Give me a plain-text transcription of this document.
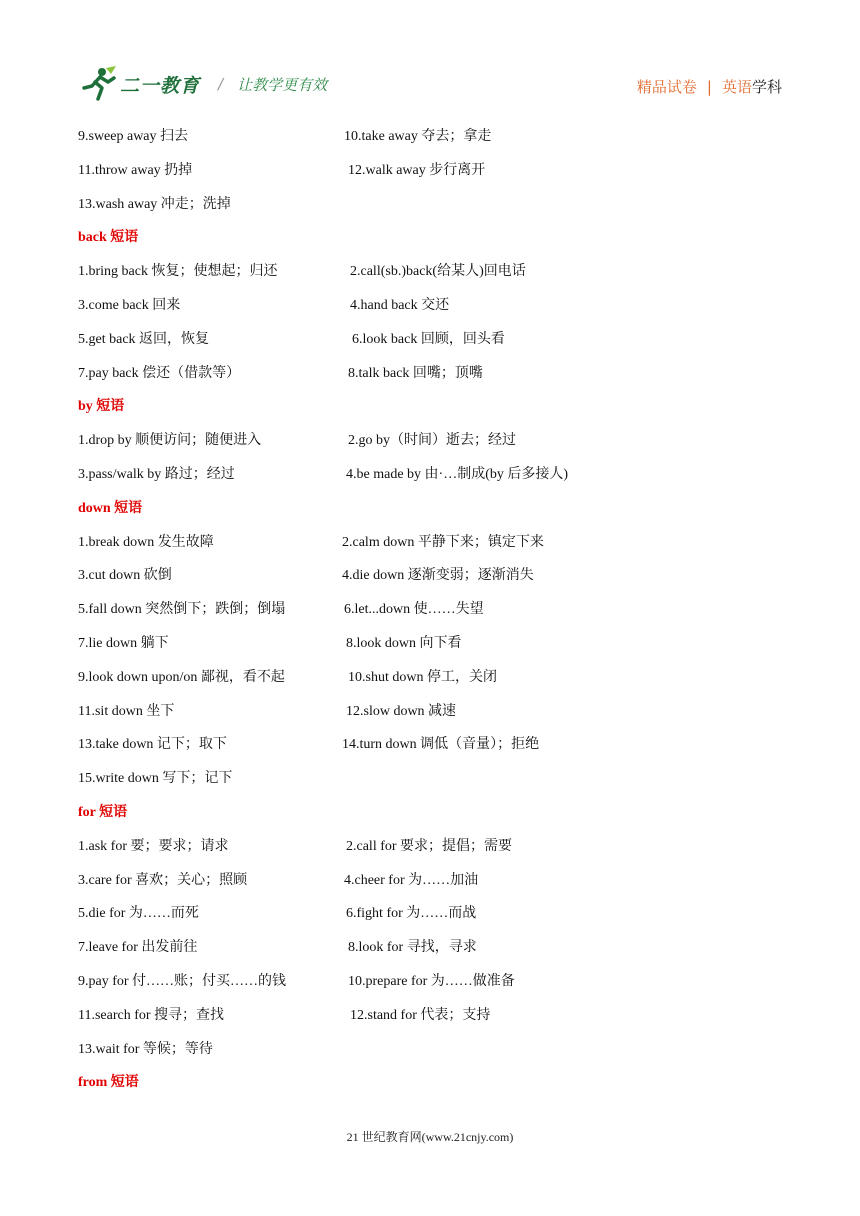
二一教育 / 让教学更有效	精品试卷 | 英语 学科
9.sweep away 扫去	10.take away 夺去；拿走
11.throw away 扔掉	12.walk away 步行离开
13.wash away 冲走；洗掉
back 短语
1.bring back 恢复；使想起；归还	2.call(sb.)back(给某人)回电话
3.come back 回来	4.hand back 交还
5.get back 返回，恢复	6.look back 回顾，回头看
7.pay back 偿还（借款等）	8.talk back 回嘴；顶嘴
by 短语
1.drop by 顺便访问；随便进入	2.go by（时间）逝去；经过
3.pass/walk by 路过；经过	4.be made by 由·…制成(by 后多接人)
down 短语
1.break down 发生故障	2.calm down 平静下来；镇定下来
3.cut down 砍倒	4.die down 逐渐变弱；逐渐消失
5.fall down 突然倒下；跌倒；倒塌	6.let...down 使……失望
7.lie down 躺下	8.look down 向下看
9.look down upon/on 鄙视，看不起	10.shut down 停工，关闭
11.sit down 坐下	12.slow down 减速
13.take down 记下；取下	14.turn down 调低（音量）；拒绝
15.write down 写下；记下
for 短语
1.ask for 要；要求；请求	2.call for 要求；提倡；需要
3.care for 喜欢；关心；照顾	4.cheer for 为……加油
5.die for 为……而死	6.fight for 为……而战
7.leave for 出发前往	8.look for 寻找，寻求
9.pay for 付……账；付买……的钱	10.prepare for 为……做准备
11.search for 搜寻；查找	12.stand for 代表；支持
13.wait for 等候；等待
from 短语
21 世纪教育网(www.21cnjy.com)
